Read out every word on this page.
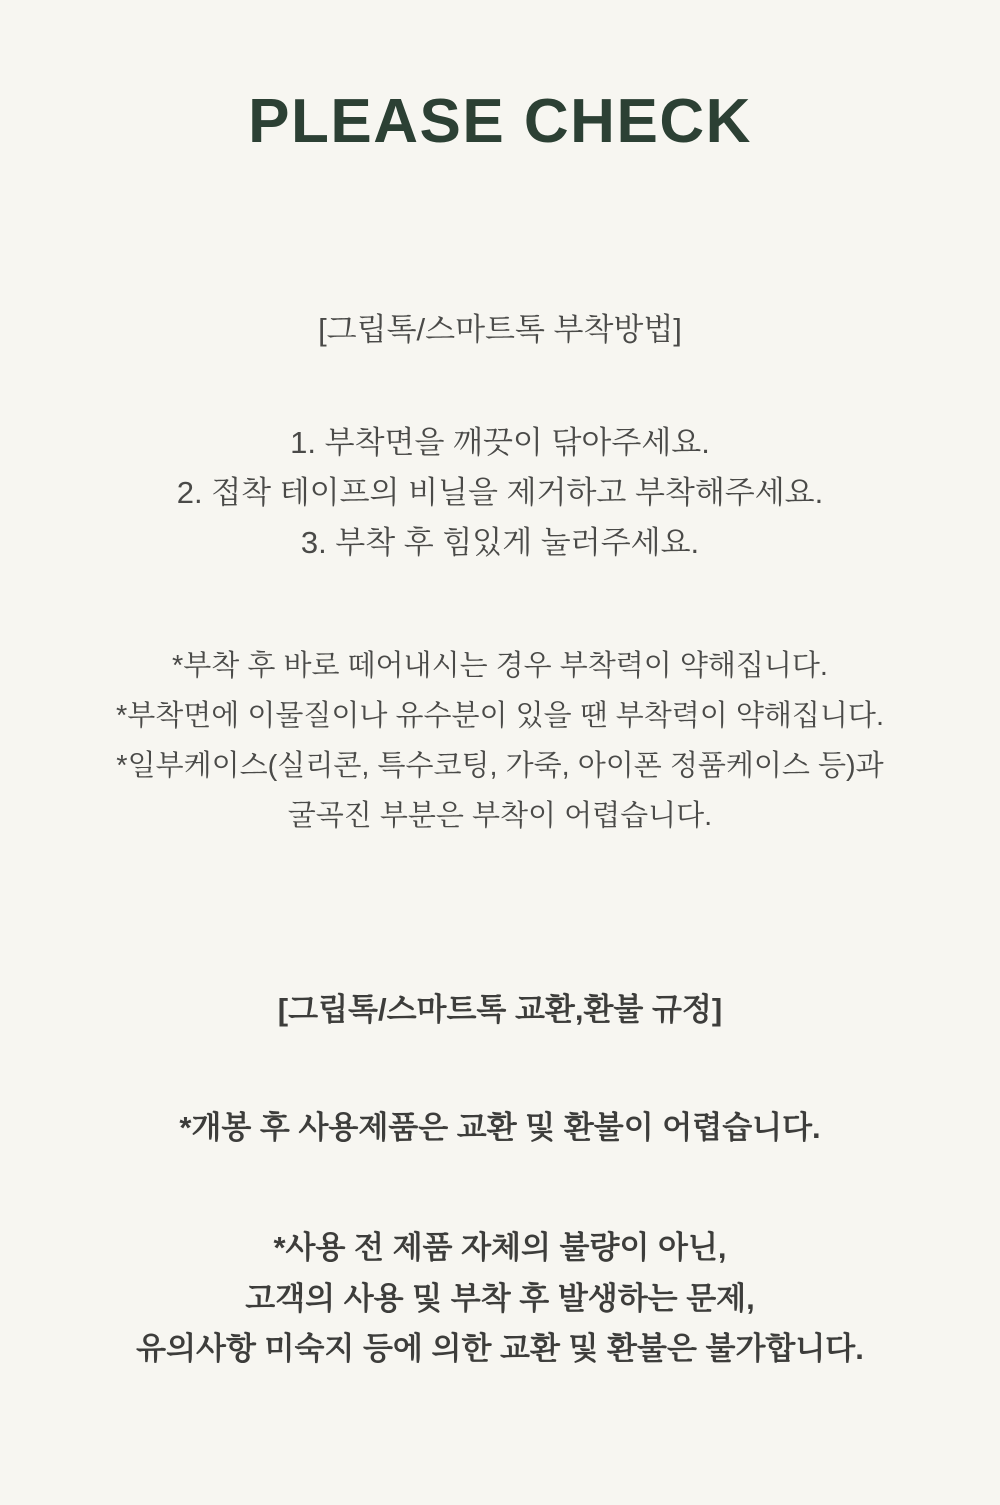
PLEASE CHECK
[그립톡/스마트톡 부착방법]
1. 부착면을 깨끗이 닦아주세요.
2. 접착 테이프의 비닐을 제거하고 부착해주세요.
3. 부착 후 힘있게 눌러주세요.
*부착 후 바로 떼어내시는 경우 부착력이 약해집니다.
*부착면에 이물질이나 유수분이 있을 땐 부착력이 약해집니다.
*일부케이스(실리콘, 특수코팅, 가죽, 아이폰 정품케이스 등)과
굴곡진 부분은 부착이 어렵습니다.
[그립톡/스마트톡 교환,환불 규정]
*개봉 후 사용제품은 교환 및 환불이 어렵습니다.
*사용 전 제품 자체의 불량이 아닌,
고객의 사용 및 부착 후 발생하는 문제,
유의사항 미숙지 등에 의한 교환 및 환불은 불가합니다.
